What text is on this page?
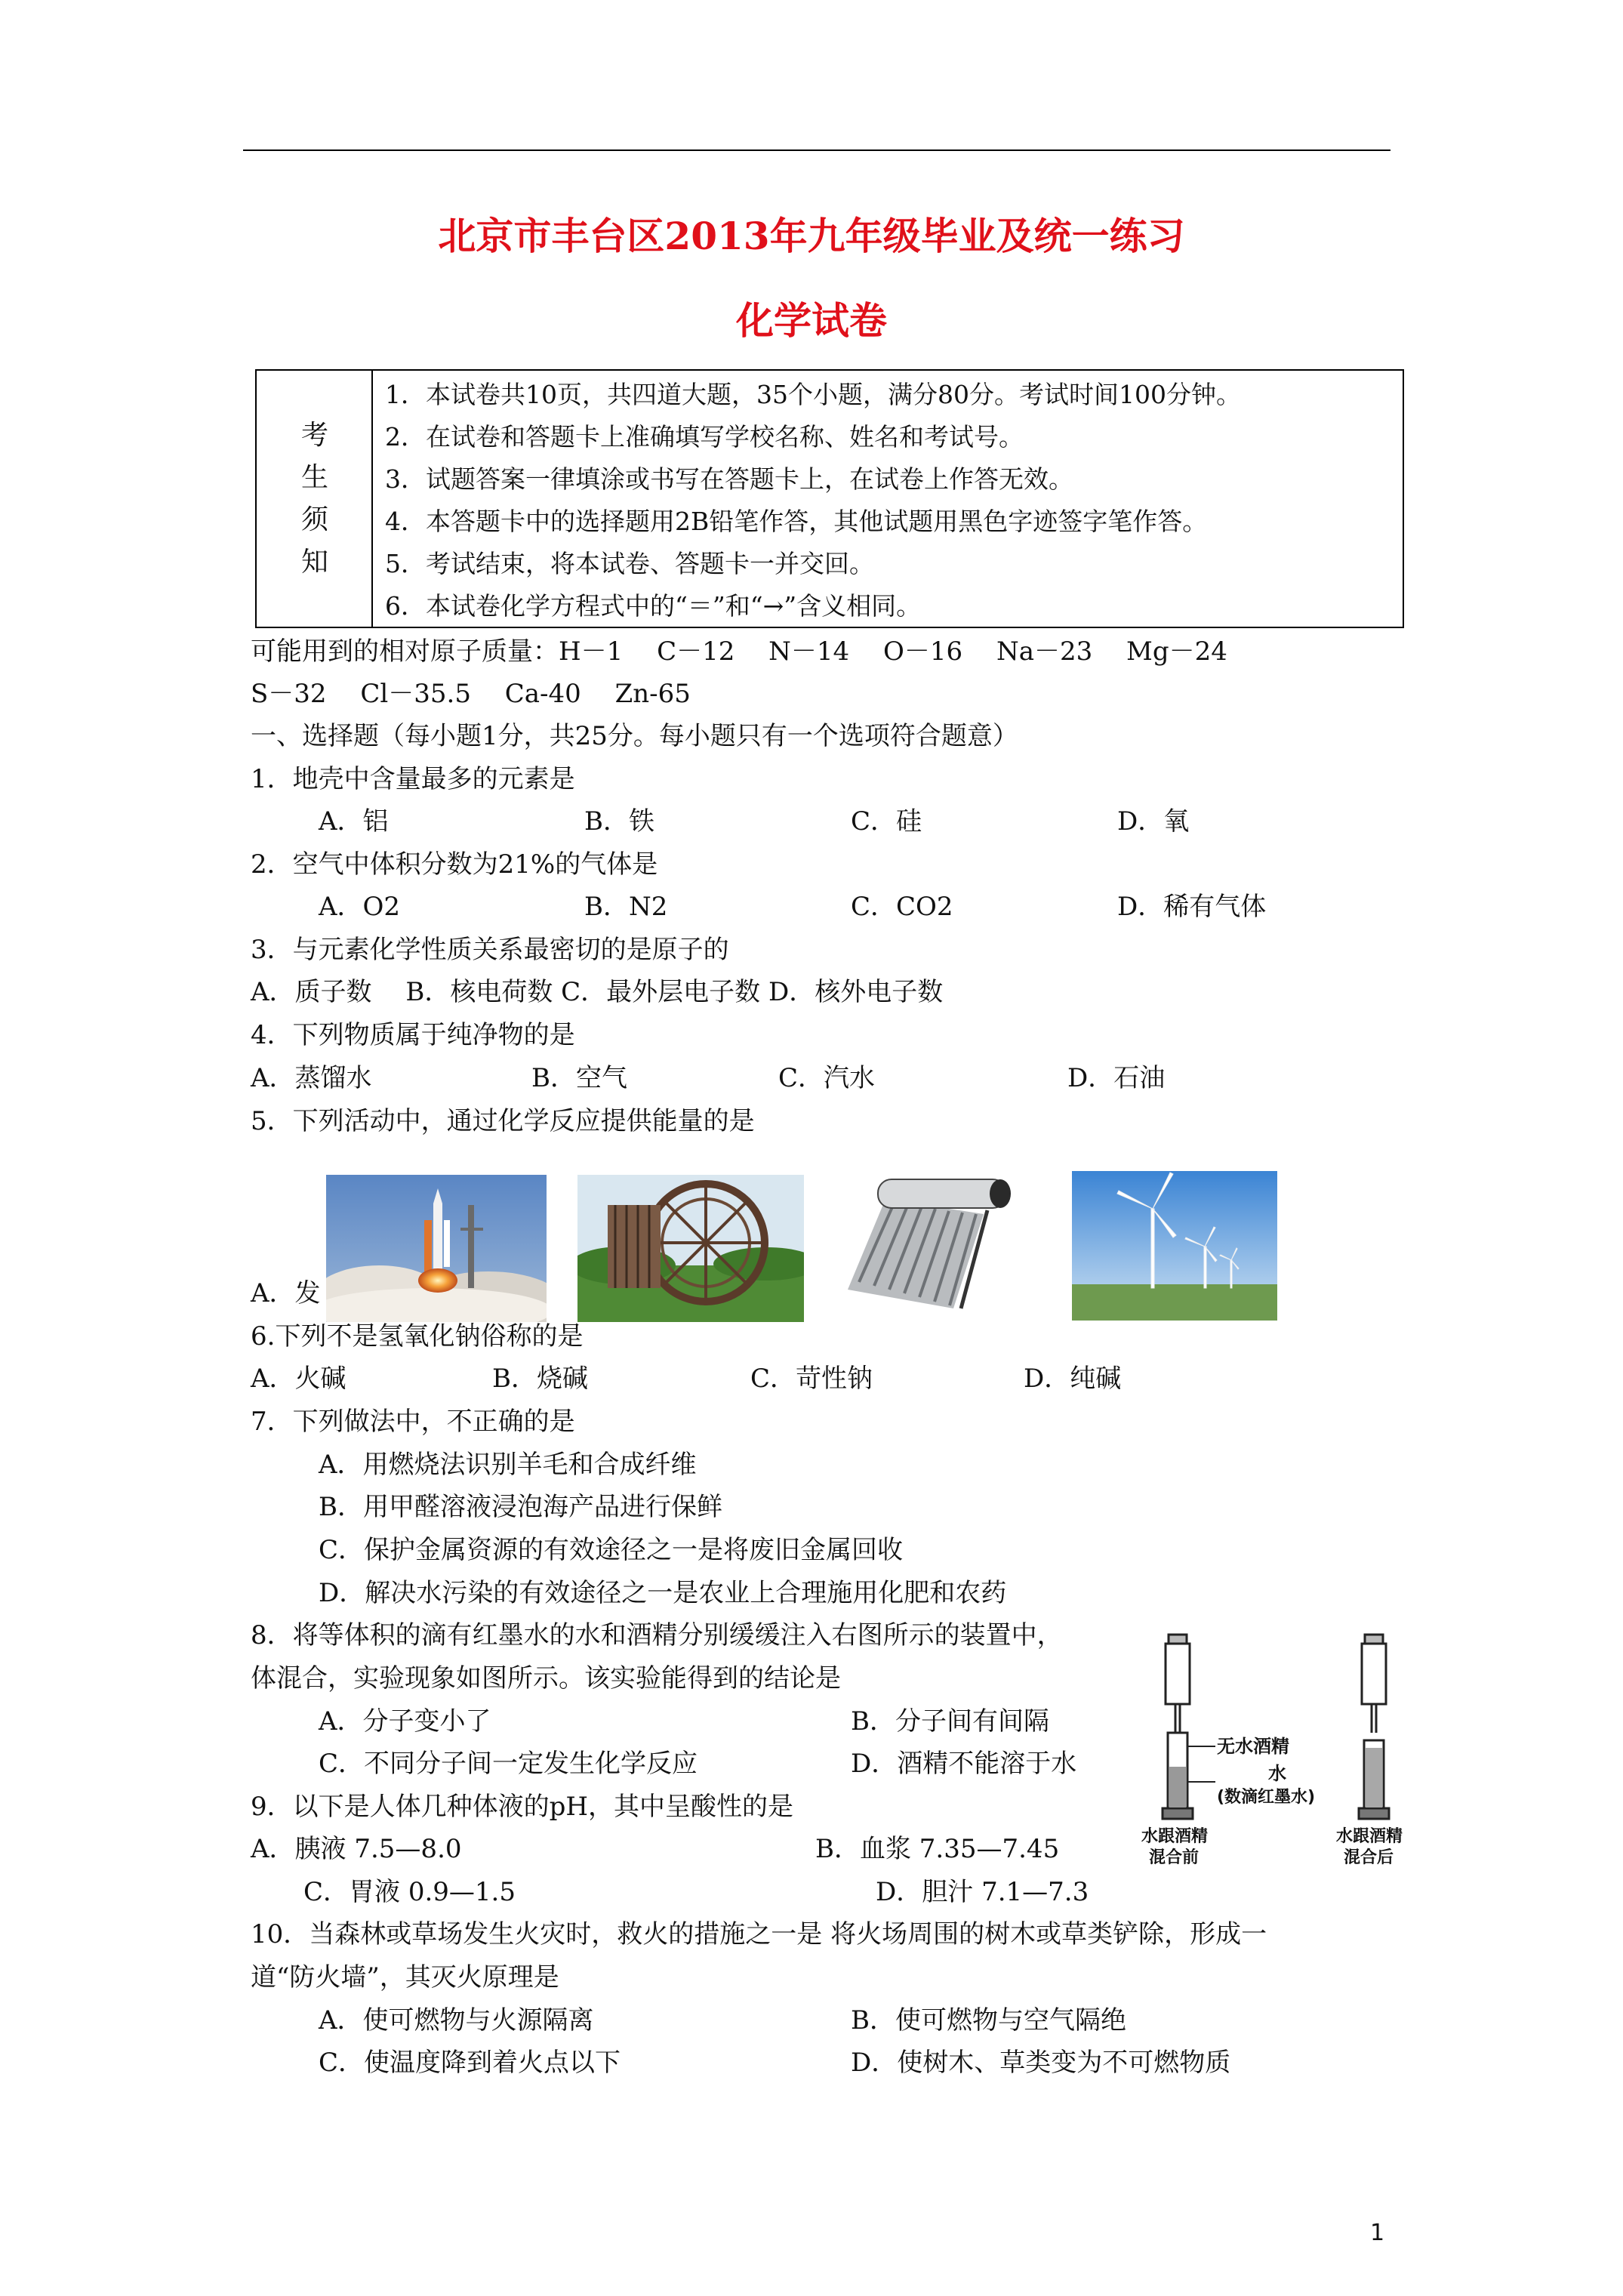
北京市丰台区2013年九年级毕业及统一练习
化学试卷
考
生
须
知
1．本试卷共10页，共四道大题，35个小题，满分80分。考试时间100分钟。
2．在试卷和答题卡上准确填写学校名称、姓名和考试号。
3．试题答案一律填涂或书写在答题卡上，在试卷上作答无效。
4．本答题卡中的选择题用2B铅笔作答，其他试题用黑色字迹签字笔作答。
5．考试结束，将本试卷、答题卡一并交回。
6．本试卷化学方程式中的“＝”和“→”含义相同。
可能用到的相对原子质量：H－1　 C－12　 N－14　 O－16　 Na－23　 Mg－24
S－32　 Cl－35.5　 Ca-40　 Zn-65
一、选择题（每小题1分，共25分。每小题只有一个选项符合题意）
1．地壳中含量最多的元素是
A．铝	B．铁	C．硅	D．氧
2．空气中体积分数为21%的气体是
A．O2	B．N2	C．CO2	D．稀有气体
3．与元素化学性质关系最密切的是原子的
A．质子数　 B．核电荷数 C．最外层电子数 D．核外电子数
4．下列物质属于纯净物的是
A．蒸馏水	B．空气	C．汽水	D．石油
5．下列活动中，通过化学反应提供能量的是
A．发
6.下列不是氢氧化钠俗称的是
A．火碱	B．烧碱	C．苛性钠	D．纯碱
7．下列做法中，不正确的是
A．用燃烧法识别羊毛和合成纤维
B．用甲醛溶液浸泡海产品进行保鲜
C．保护金属资源的有效途径之一是将废旧金属回收
D．解决水污染的有效途径之一是农业上合理施用化肥和农药
8．将等体积的滴有红墨水的水和酒精分别缓缓注入右图所示的装置中，
体混合，实验现象如图所示。该实验能得到的结论是
A．分子变小了	B．分子间有间隔
C．不同分子间一定发生化学反应	D．酒精不能溶于水
无水酒精
水
(数滴红墨水)
水跟酒精
混合前
水跟酒精
混合后
9．以下是人体几种体液的pH，其中呈酸性的是
A．胰液 7.5—8.0	B．血浆 7.35—7.45
C．胃液 0.9—1.5	D．胆汁 7.1—7.3
10．当森林或草场发生火灾时，救火的措施之一是 将火场周围的树木或草类铲除，形成一
道“防火墙”，其灭火原理是
A．使可燃物与火源隔离	B．使可燃物与空气隔绝
C．使温度降到着火点以下	D．使树木、草类变为不可燃物质
1
